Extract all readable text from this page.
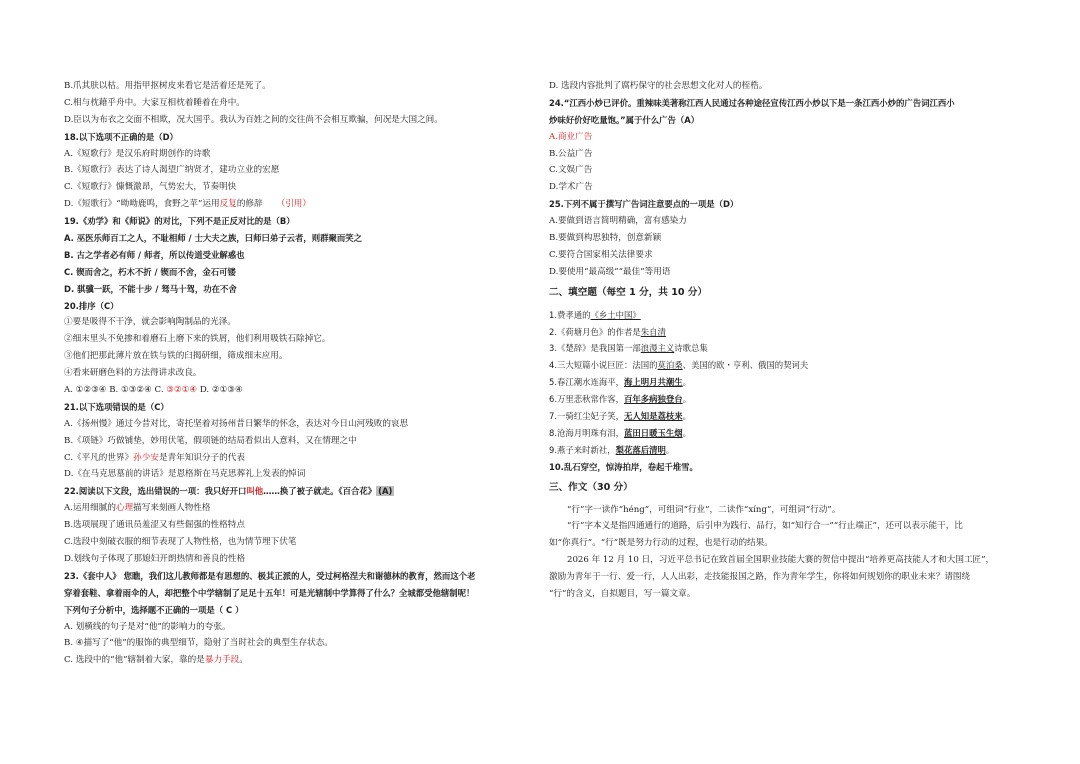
B.爪其肤以枯。用指甲抠树皮来看它是活着还是死了。
C.相与枕藉乎舟中。大家互相枕着睡着在舟中。
D.臣以为布衣之交面不相欺，况大国乎。我认为百姓之间的交往尚不会相互欺骗，何况是大国之间。
18.以下选项不正确的是（D）
A.《短歌行》是汉乐府时期创作的诗歌
B.《短歌行》表达了诗人渴望广纳贤才，建功立业的宏愿
C.《短歌行》慷慨激昂，气势宏大，节奏明快
D.《短歌行》“呦呦鹿鸣，食野之苹”运用反复的修辞 （引用）
19.《劝学》和《师说》的对比，下列不是正反对比的是（B）
A. 巫医乐师百工之人，不耻相师 / 士大夫之族，曰师曰弟子云者，则群聚而笑之
B. 古之学者必有师 / 师者，所以传道受业解惑也
C. 锲而舍之，朽木不折 / 锲而不舍，金石可镂
D. 骐骥一跃，不能十步 / 驽马十驾，功在不舍
20.排序（C）
①要是吸得不干净，就会影响陶制品的光泽。
②细末里头不免掺和着磨石上磨下来的铁屑，他们利用吸铁石除掉它。
③他们把那此薄片放在铁与铁的臼揭研细，筛成细末应用。
④看来研磨色料的方法得讲求改良。
A. ①②③④ B. ①③②④ C. ③②①④ D. ②①③④
21.以下选项错误的是（C）
A.《扬州慢》通过今昔对比，寄托坚着对扬州昔日繁华的怀念，表达对今日山河残败的哀思
B.《项链》巧做铺垫，妙用伏笔，假项链的结局看似出人意料，又在情理之中
C.《平凡的世界》孙少安是青年知识分子的代表
D.《在马克思墓前的讲话》是恩格斯在马克思葬礼上发表的悼词
22.阅读以下文段，选出错误的一项：我只好开口叫他……换了被子就走。《百合花》 (A)
A.运用细腻的心理描写来刻画人物性格
B.选项展现了通讯员羞涩又有些倔强的性格特点
C.选段中刻破衣服的细节表现了人物性格，也为情节埋下伏笔
D.划线句子体现了那媳妇开朗热情和善良的性格
23.《套中人》 您瞧，我们这儿教师都是有思想的、极其正派的人，受过柯格涅夫和谢德林的教育，然而这个老
穿着套鞋、拿着雨伞的人，却把整个中学辖制了足足十五年！可是光辖制中学算得了什么？全城都受他辖制呢！
下列句子分析中，选择题不正确的一项是（ C ）
A. 划横线的句子是对“他”的影响力的夸张。
B. ④描写了“他”的服饰的典型细节，隐射了当时社会的典型生存状态。
C. 选段中的“他”辖制着大家，靠的是暴力手段。
D. 选段内容批判了腐朽保守的社会思想文化对人的桎梏。
24.“江西小炒已评价。重辣味美著称江西人民通过各种途径宣传江西小炒以下是一条江西小炒的广告词江西小
炒味好价好吃量饱。”属于什么广告（A）
A.商业广告
B.公益广告
C.文娱广告
D.学术广告
25.下列不属于撰写广告词注意要点的一项是（D）
A.要做到语言简明精确，富有感染力
B.要做到构思独特，创意新颖
C.要符合国家相关法律要求
D.要使用“最高级”“最佳”等用语
二、填空题（每空 1 分，共 10 分）
1.费孝通的《乡土中国》
2.《荷塘月色》的作者是朱自清
3.《楚辞》是我国第一部浪漫主义诗歌总集
4.三大短篇小说巨匠：法国的莫泊桑、美国的欧・亨利、俄国的契诃夫
5.春江潮水连海平，海上明月共潮生。
6.万里悲秋常作客，百年多病独登台。
7.一骑红尘妃子笑，无人知是荔枝来。
8.沧海月明珠有泪，蓝田日暖玉生烟。
9.燕子来时新社，梨花落后清明。
10.乱石穿空，惊涛拍岸，卷起千堆雪。
三、作文（30 分）
“行”字一读作“héng”，可组词“行业”，二读作“xíng”，可组词“行动”。
“行”字本义是指四通通行的道路，后引申为践行、品行，如“知行合一”“行止端正”，还可以表示能干，比
如“你真行”。“行”既是努力行动的过程，也是行动的结果。
2026 年 12 月 10 日，习近平总书记在致首届全国职业技能大赛的贺信中提出“培养更高技能人才和大国工匠”，
激励为青年干一行、爱一行，人人出彩，走技能报国之路，作为青年学生，你将如何规划你的职业未来？请围绕
“行”的含义，自拟题目，写一篇文章。
